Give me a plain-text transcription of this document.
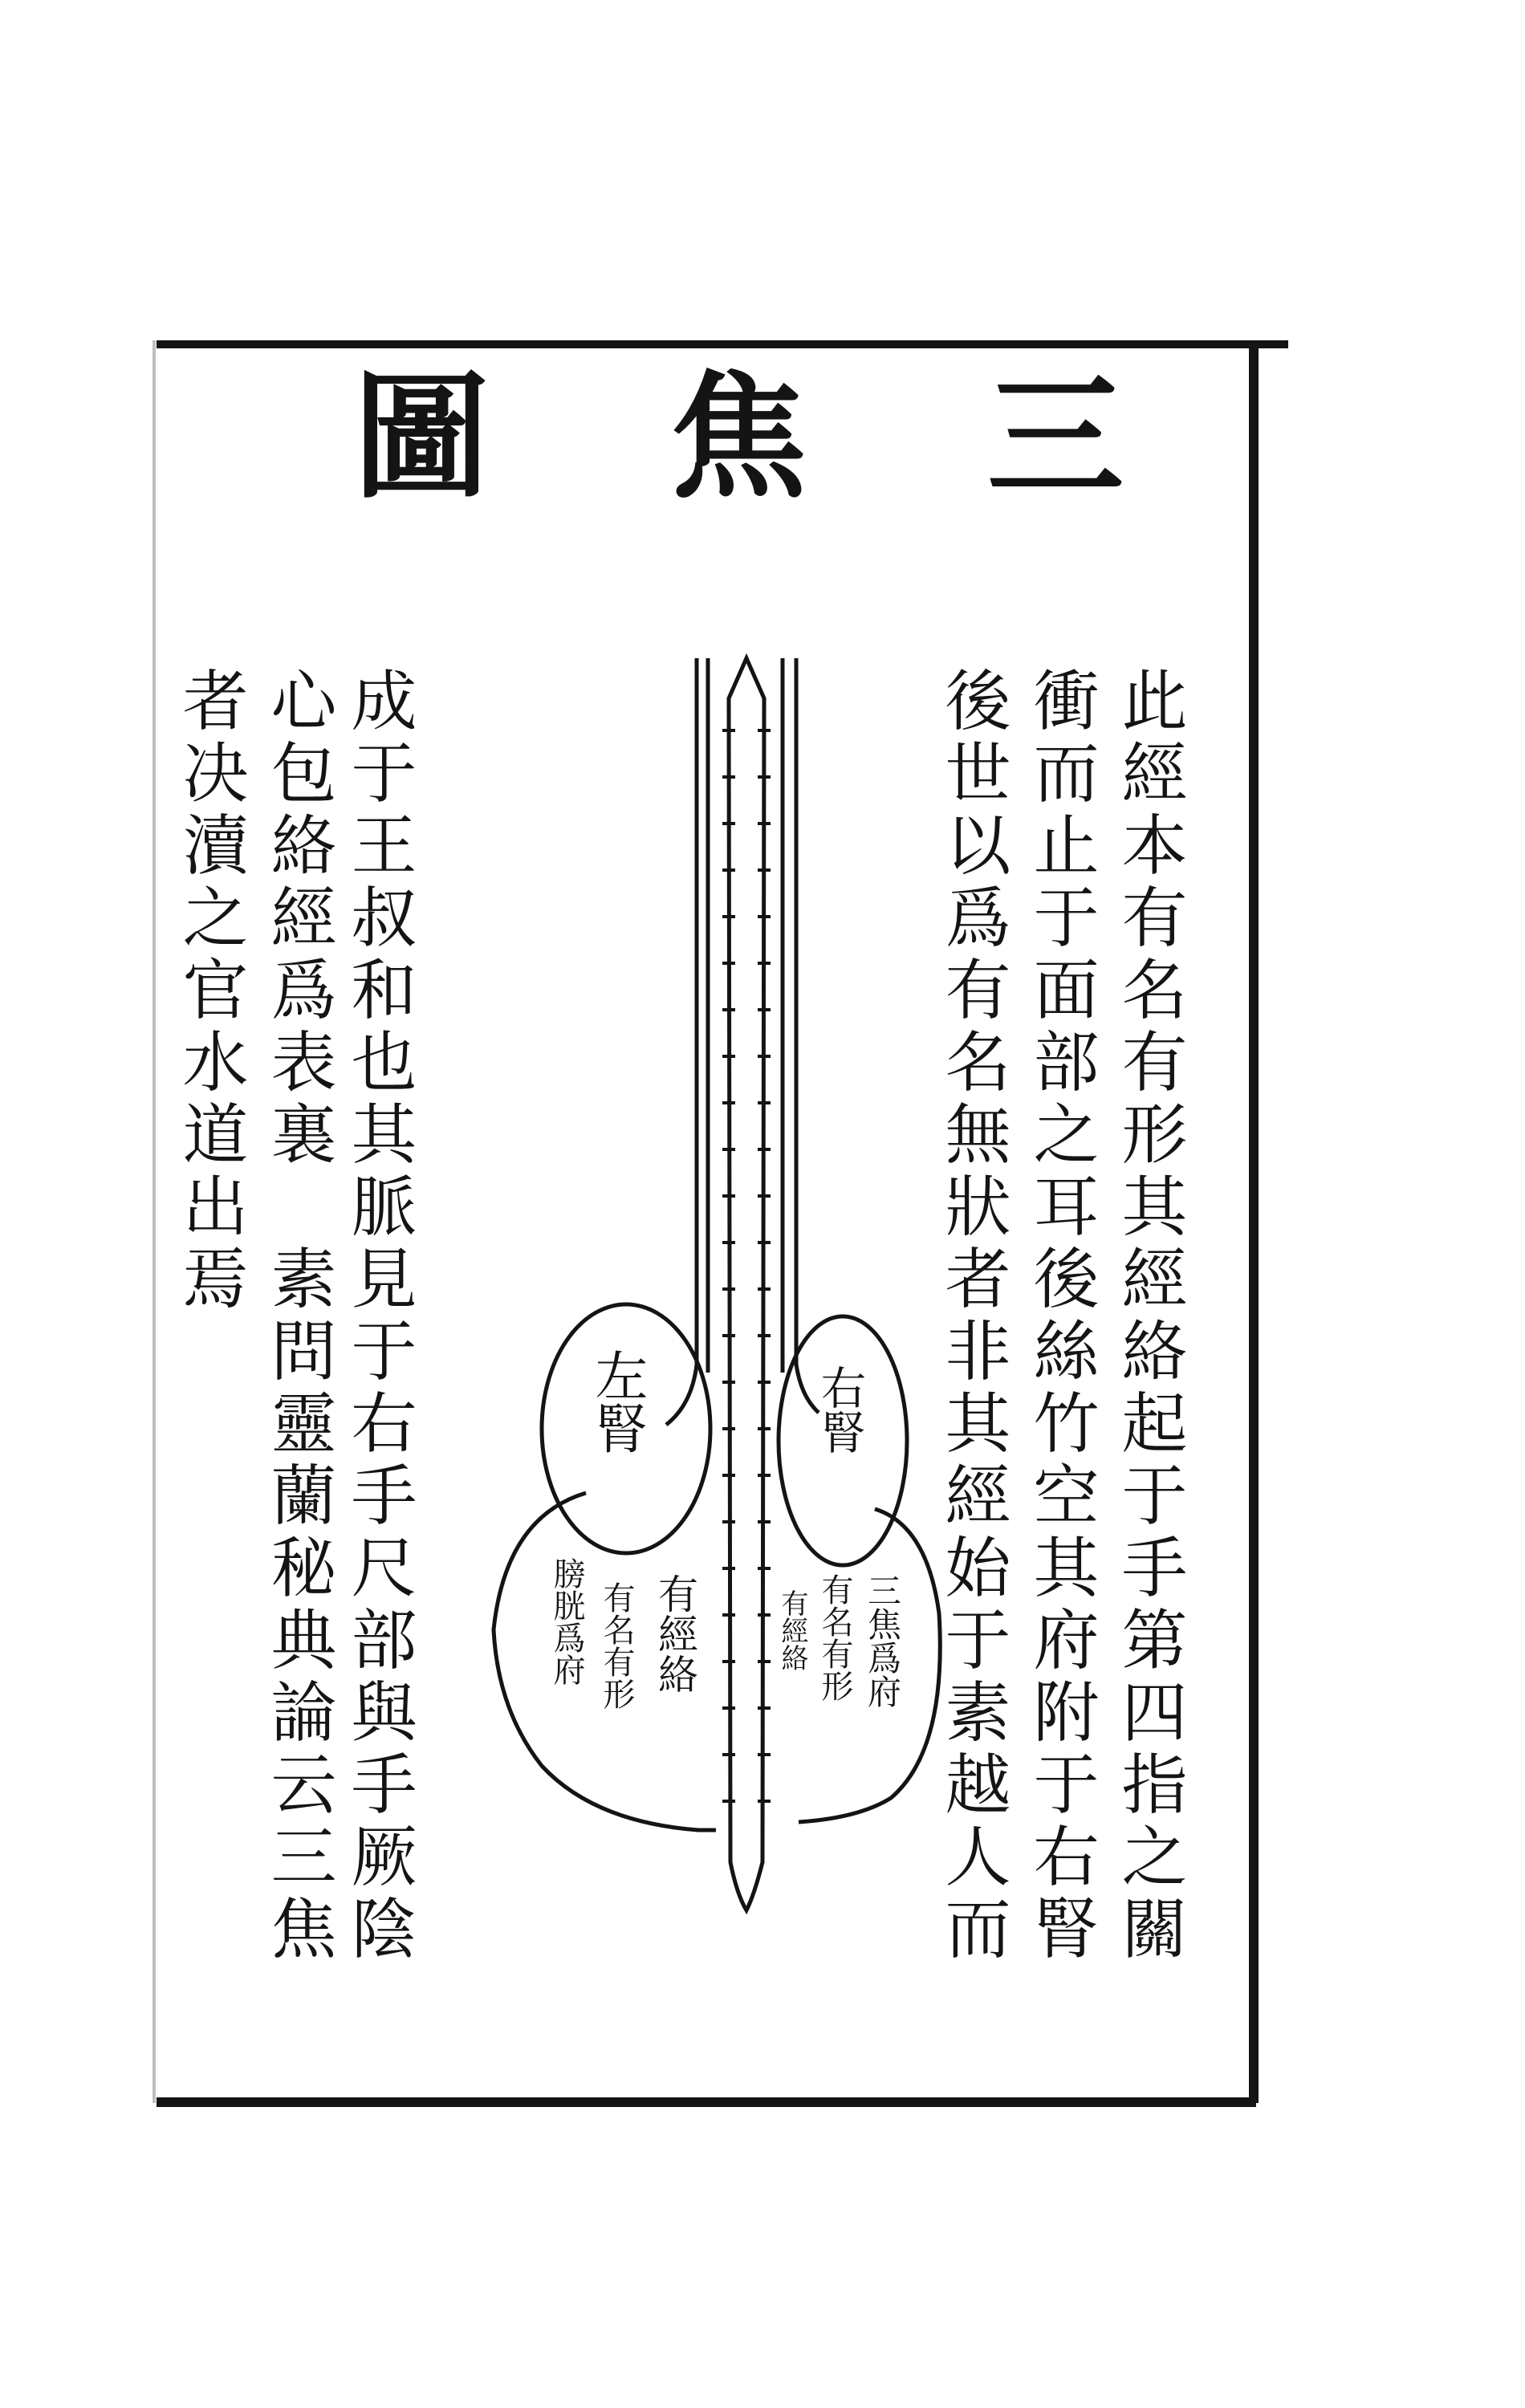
三
焦
圖
此經本有名有形其經絡起于手第四指之關
衝而止于面部之耳後絲竹空其府附于右腎
後世以爲有名無狀者非其經始于素越人而
成于王叔和也其脈見于右手尺部與手厥陰
心包絡經爲表裏　素問靈蘭秘典論云三焦
者决瀆之官水道出焉
左腎	右腎
膀胱爲府 有名有形 有經絡	有經絡 有名有形 三焦爲府
